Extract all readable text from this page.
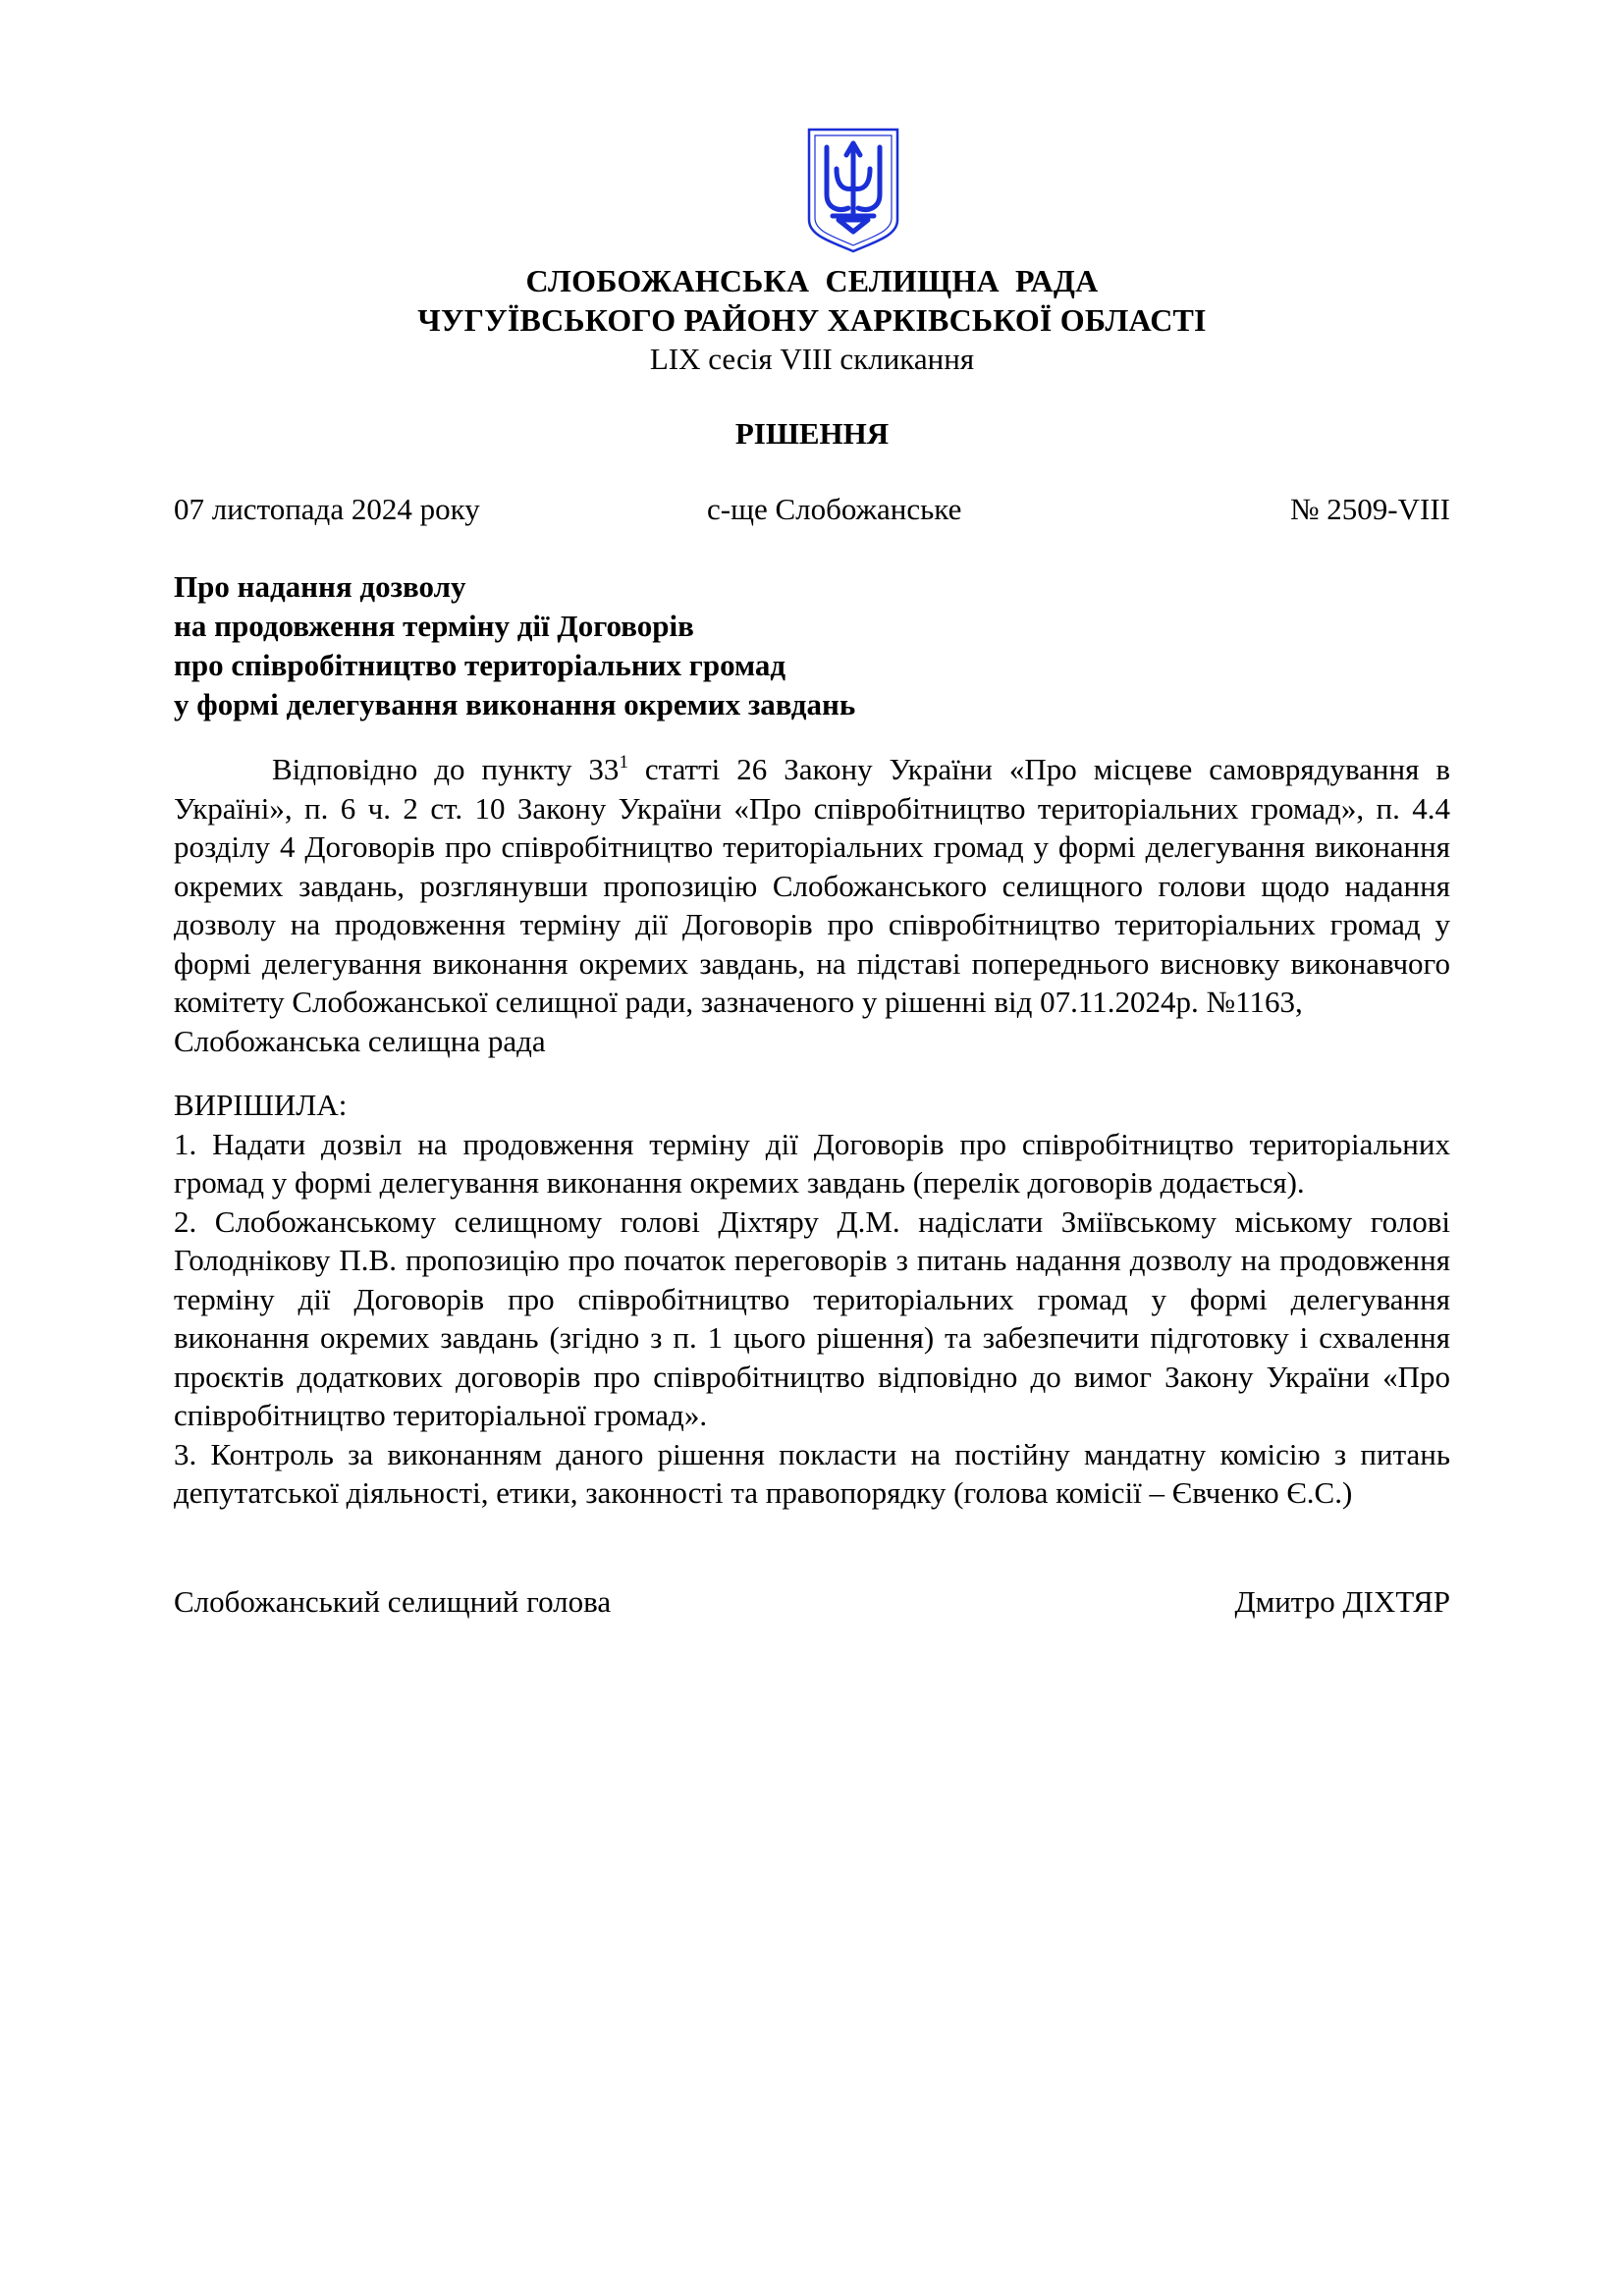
СЛОБОЖАНСЬКА СЕЛИЩНА РАДА
ЧУГУЇВСЬКОГО РАЙОНУ ХАРКІВСЬКОЇ ОБЛАСТІ
LIX сесія VIII скликання
РІШЕННЯ
07 листопада 2024 року	с-ще Слобожанське	№ 2509-VIII
Про надання дозволу
на продовження терміну дії Договорів
про співробітництво територіальних громад
у формі делегування виконання окремих завдань

Відповідно до пункту $33^1$ статті 26 Закону України «Про місцеве самоврядування в Україні», п. 6 ч. 2 ст. 10 Закону України «Про співробітництво територіальних громад», п. 4.4 розділу 4 Договорів про співробітництво територіальних громад у формі делегування виконання окремих завдань, розглянувши пропозицію Слобожанського селищного голови щодо надання дозволу на продовження терміну дії Договорів про співробітництво територіальних громад у формі делегування виконання окремих завдань, на підставі попереднього висновку виконавчого комітету Слобожанської селищної ради, зазначеного у рішенні від 07.11.2024р. №1163,

Слобожанська селищна рада

ВИРІШИЛА:

1. Надати дозвіл на продовження терміну дії Договорів про співробітництво територіальних громад у формі делегування виконання окремих завдань (перелік договорів додається).

2. Слобожанському селищному голові Діхтяру Д.М. надіслати Зміївському міському голові Голоднікову П.В. пропозицію про початок переговорів з питань надання дозволу на продовження терміну дії Договорів про співробітництво територіальних громад у формі делегування виконання окремих завдань (згідно з п. 1 цього рішення) та забезпечити підготовку і схвалення проєктів додаткових договорів про співробітництво відповідно до вимог Закону України «Про співробітництво територіальної громад».

3. Контроль за виконанням даного рішення покласти на постійну мандатну комісію з питань депутатської діяльності, етики, законності та правопорядку (голова комісії – Євченко Є.С.)

Слобожанський селищний голова	Дмитро ДІХТЯР
